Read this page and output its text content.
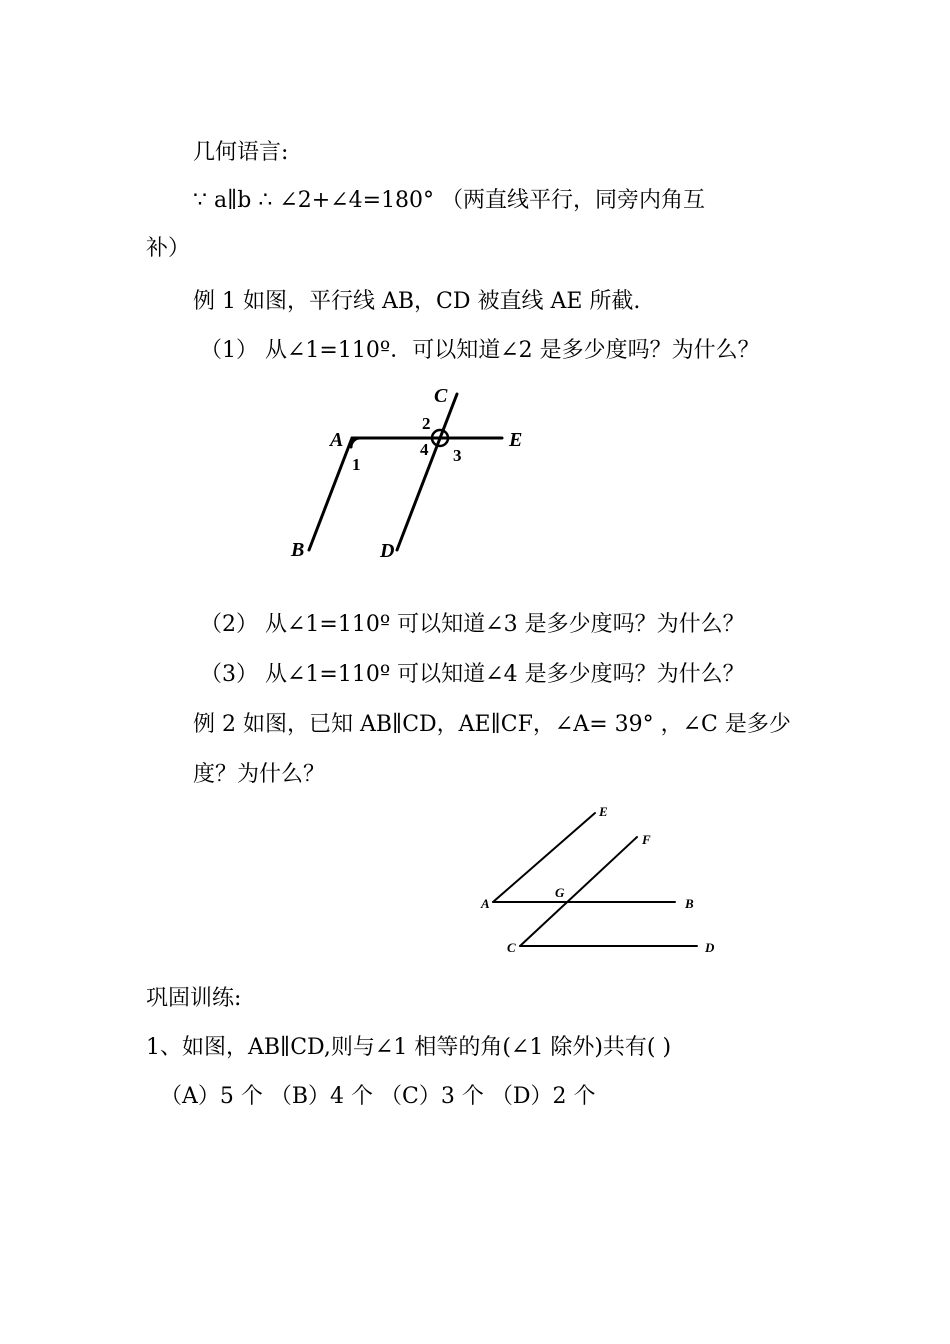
几何语言:
∵ a∥b ∴ ∠2+∠4=180° （两直线平行，同旁内角互
补）
例 1 如图，平行线 AB，CD 被直线 AE 所截.
（1） 从∠1=110º．可以知道∠2 是多少度吗？为什么？
A
B
C
D
E
1
2
3
4
（2） 从∠1=110º 可以知道∠3 是多少度吗？为什么？
（3） 从∠1=110º 可以知道∠4 是多少度吗？为什么？
例 2 如图，已知 AB∥CD，AE∥CF，∠A= 39° ，∠C 是多少
度？为什么？
A	B
C	D
E
F
G
巩固训练:
1、如图，AB∥CD,则与∠1 相等的角(∠1 除外)共有( )
（A）5 个 （B）4 个 （C）3 个 （D）2 个
